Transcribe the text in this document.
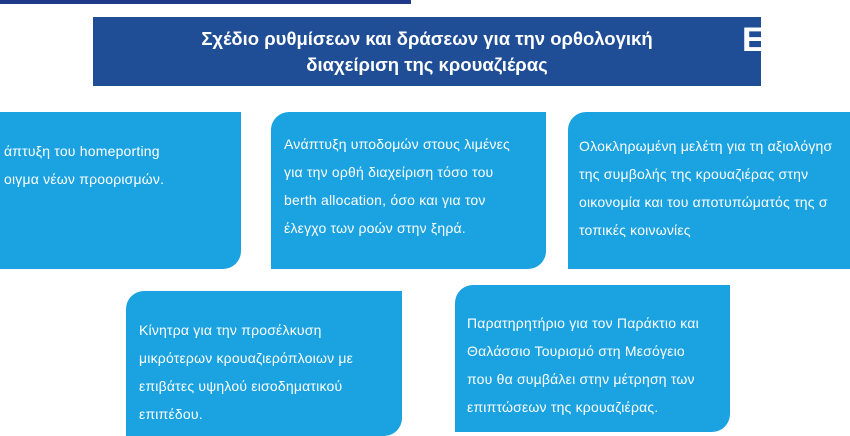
Σχέδιο ρυθμίσεων και δράσεων για την ορθολογική
διαχείριση της κρουαζιέρας
E
άπτυξη του homeporting
οιγμα νέων προορισμών.
Ανάπτυξη υποδομών στους λιμένες
για την ορθή διαχείριση τόσο του
berth allocation, όσο και για τον
έλεγχο των ροών στην ξηρά.
Ολοκληρωμένη μελέτη για τη αξιολόγησ
της συμβολής της κρουαζιέρας στην
οικονομία και του αποτυπώματός της σ
τοπικές κοινωνίες
Κίνητρα για την προσέλκυση
μικρότερων κρουαζιερόπλοιων με
επιβάτες υψηλού εισοδηματικού
επιπέδου.
Παρατηρητήριο για τον Παράκτιο και
Θαλάσσιο Τουρισμό στη Μεσόγειο
που θα συμβάλει στην μέτρηση των
επιπτώσεων της κρουαζιέρας.
